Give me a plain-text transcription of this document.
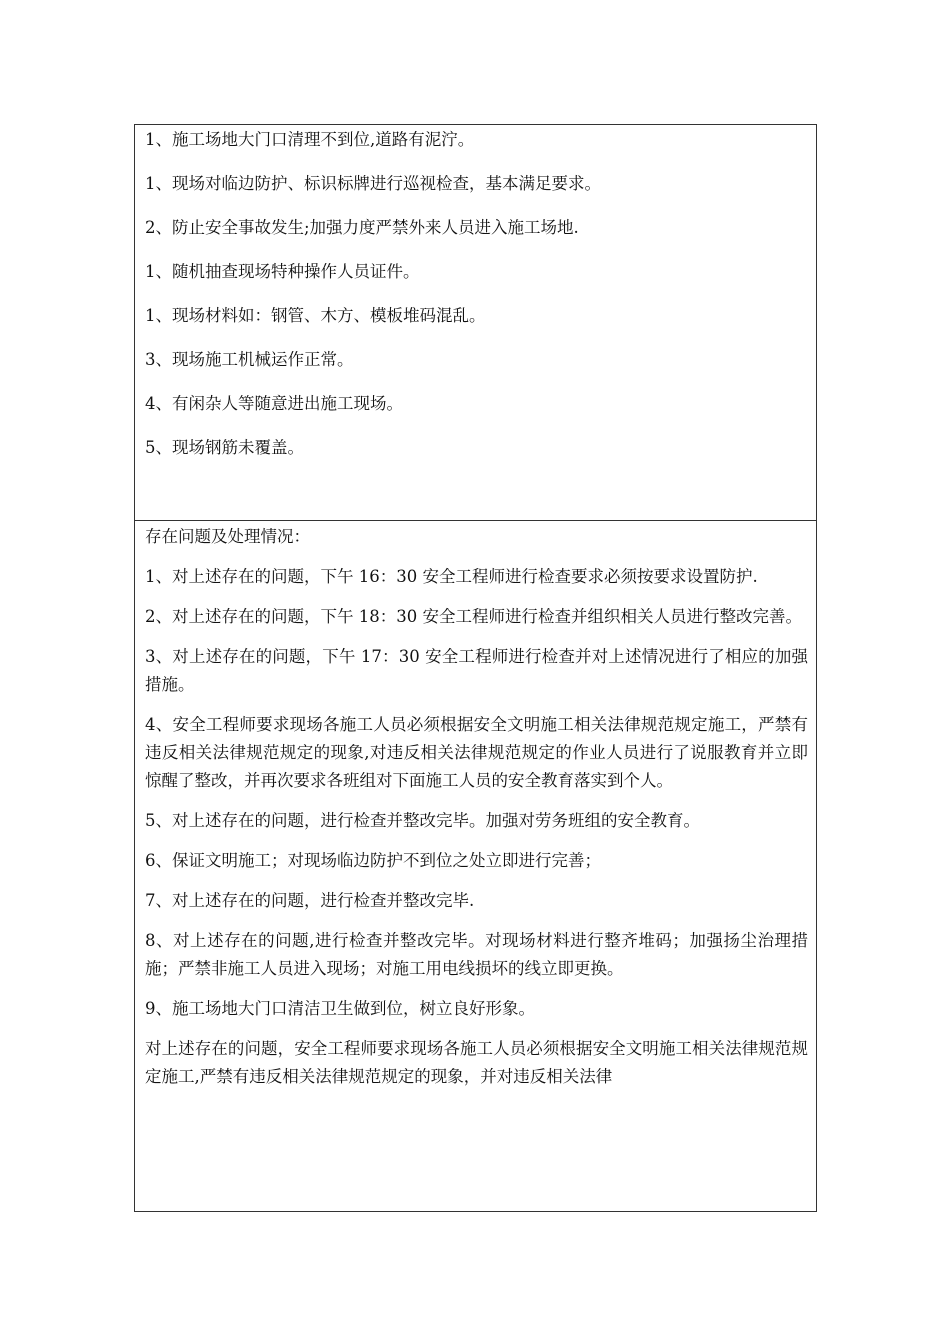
1、施工场地大门口清理不到位,道路有泥泞。

1、现场对临边防护、标识标牌进行巡视检查，基本满足要求。

2、防止安全事故发生;加强力度严禁外来人员进入施工场地.

1、随机抽查现场特种操作人员证件。

1、现场材料如：钢管、木方、模板堆码混乱。

3、现场施工机械运作正常。

4、有闲杂人等随意进出施工现场。

5、现场钢筋未覆盖。

存在问题及处理情况：

1、对上述存在的问题，下午 16：30 安全工程师进行检查要求必须按要求设置防护.

2、对上述存在的问题，下午 18：30 安全工程师进行检查并组织相关人员进行整改完善。

3、对上述存在的问题，下午 17：30 安全工程师进行检查并对上述情况进行了相应的加强措施。

4、安全工程师要求现场各施工人员必须根据安全文明施工相关法律规范规定施工，严禁有违反相关法律规范规定的现象,对违反相关法律规范规定的作业人员进行了说服教育并立即惊醒了整改，并再次要求各班组对下面施工人员的安全教育落实到个人。

5、对上述存在的问题，进行检查并整改完毕。加强对劳务班组的安全教育。

6、保证文明施工；对现场临边防护不到位之处立即进行完善；

7、对上述存在的问题，进行检查并整改完毕.

8、对上述存在的问题,进行检查并整改完毕。对现场材料进行整齐堆码；加强扬尘治理措施；严禁非施工人员进入现场；对施工用电线损坏的线立即更换。

9、施工场地大门口清洁卫生做到位，树立良好形象。

对上述存在的问题，安全工程师要求现场各施工人员必须根据安全文明施工相关法律规范规定施工,严禁有违反相关法律规范规定的现象，并对违反相关法律
